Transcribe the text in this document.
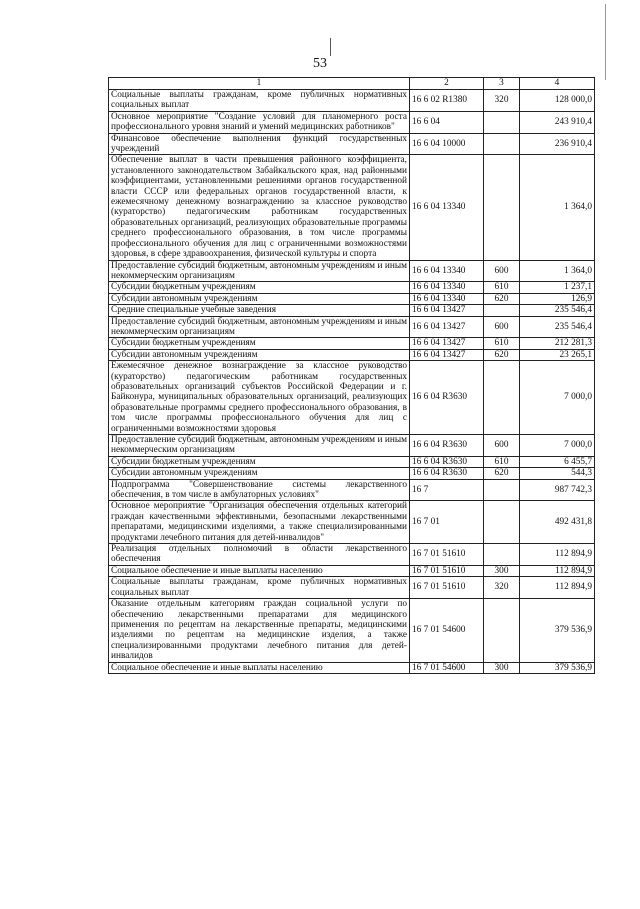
53
1	2	3	4
Социальные выплаты гражданам, кроме публичных нормативных социальных выплат	16 6 02 R1380	320	128 000,0
Основное мероприятие "Создание условий для планомерного роста профессионального уровня знаний и умений медицинских работников"	16 6 04		243 910,4
Финансовое обеспечение выполнения функций государственных учреждений	16 6 04 10000		236 910,4
Обеспечение выплат в части превышения районного коэффициента, установленного законодательством Забайкальского края, над районными коэффициентами, установленными решениями органов государственной власти СССР или федеральных органов государственной власти, к ежемесячному денежному вознаграждению за классное руководство (кураторство) педагогическим работникам государственных образовательных организаций, реализующих образовательные программы среднего профессионального образования, в том числе программы профессионального обучения для лиц с ограниченными возможностями здоровья, в сфере здравоохранения, физической культуры и спорта	16 6 04 13340		1 364,0
Предоставление субсидий бюджетным, автономным учреждениям и иным некоммерческим организациям	16 6 04 13340	600	1 364,0
Субсидии бюджетным учреждениям	16 6 04 13340	610	1 237,1
Субсидии автономным учреждениям	16 6 04 13340	620	126,9
Средние специальные учебные заведения	16 6 04 13427		235 546,4
Предоставление субсидий бюджетным, автономным учреждениям и иным некоммерческим организациям	16 6 04 13427	600	235 546,4
Субсидии бюджетным учреждениям	16 6 04 13427	610	212 281,3
Субсидии автономным учреждениям	16 6 04 13427	620	23 265,1
Ежемесячное денежное вознаграждение за классное руководство (кураторство) педагогическим работникам государственных образовательных организаций субъектов Российской Федерации и г. Байконура, муниципальных образовательных организаций, реализующих образовательные программы среднего профессионального образования, в том числе программы профессионального обучения для лиц с ограниченными возможностями здоровья	16 6 04 R3630		7 000,0
Предоставление субсидий бюджетным, автономным учреждениям и иным некоммерческим организациям	16 6 04 R3630	600	7 000,0
Субсидии бюджетным учреждениям	16 6 04 R3630	610	6 455,7
Субсидии автономным учреждениям	16 6 04 R3630	620	544,3
Подпрограмма "Совершенствование системы лекарственного обеспечения, в том числе в амбулаторных условиях"	16 7		987 742,3
Основное мероприятие "Организация обеспечения отдельных категорий граждан качественными эффективными, безопасными лекарственными препаратами, медицинскими изделиями, а также специализированными продуктами лечебного питания для детей-инвалидов"	16 7 01		492 431,8
Реализация отдельных полномочий в области лекарственного обеспечения	16 7 01 51610		112 894,9
Социальное обеспечение и иные выплаты населению	16 7 01 51610	300	112 894,9
Социальные выплаты гражданам, кроме публичных нормативных социальных выплат	16 7 01 51610	320	112 894,9
Оказание отдельным категориям граждан социальной услуги по обеспечению лекарственными препаратами для медицинского применения по рецептам на лекарственные препараты, медицинскими изделиями по рецептам на медицинские изделия, а также специализированными продуктами лечебного питания для детей-инвалидов	16 7 01 54600		379 536,9
Социальное обеспечение и иные выплаты населению	16 7 01 54600	300	379 536,9
